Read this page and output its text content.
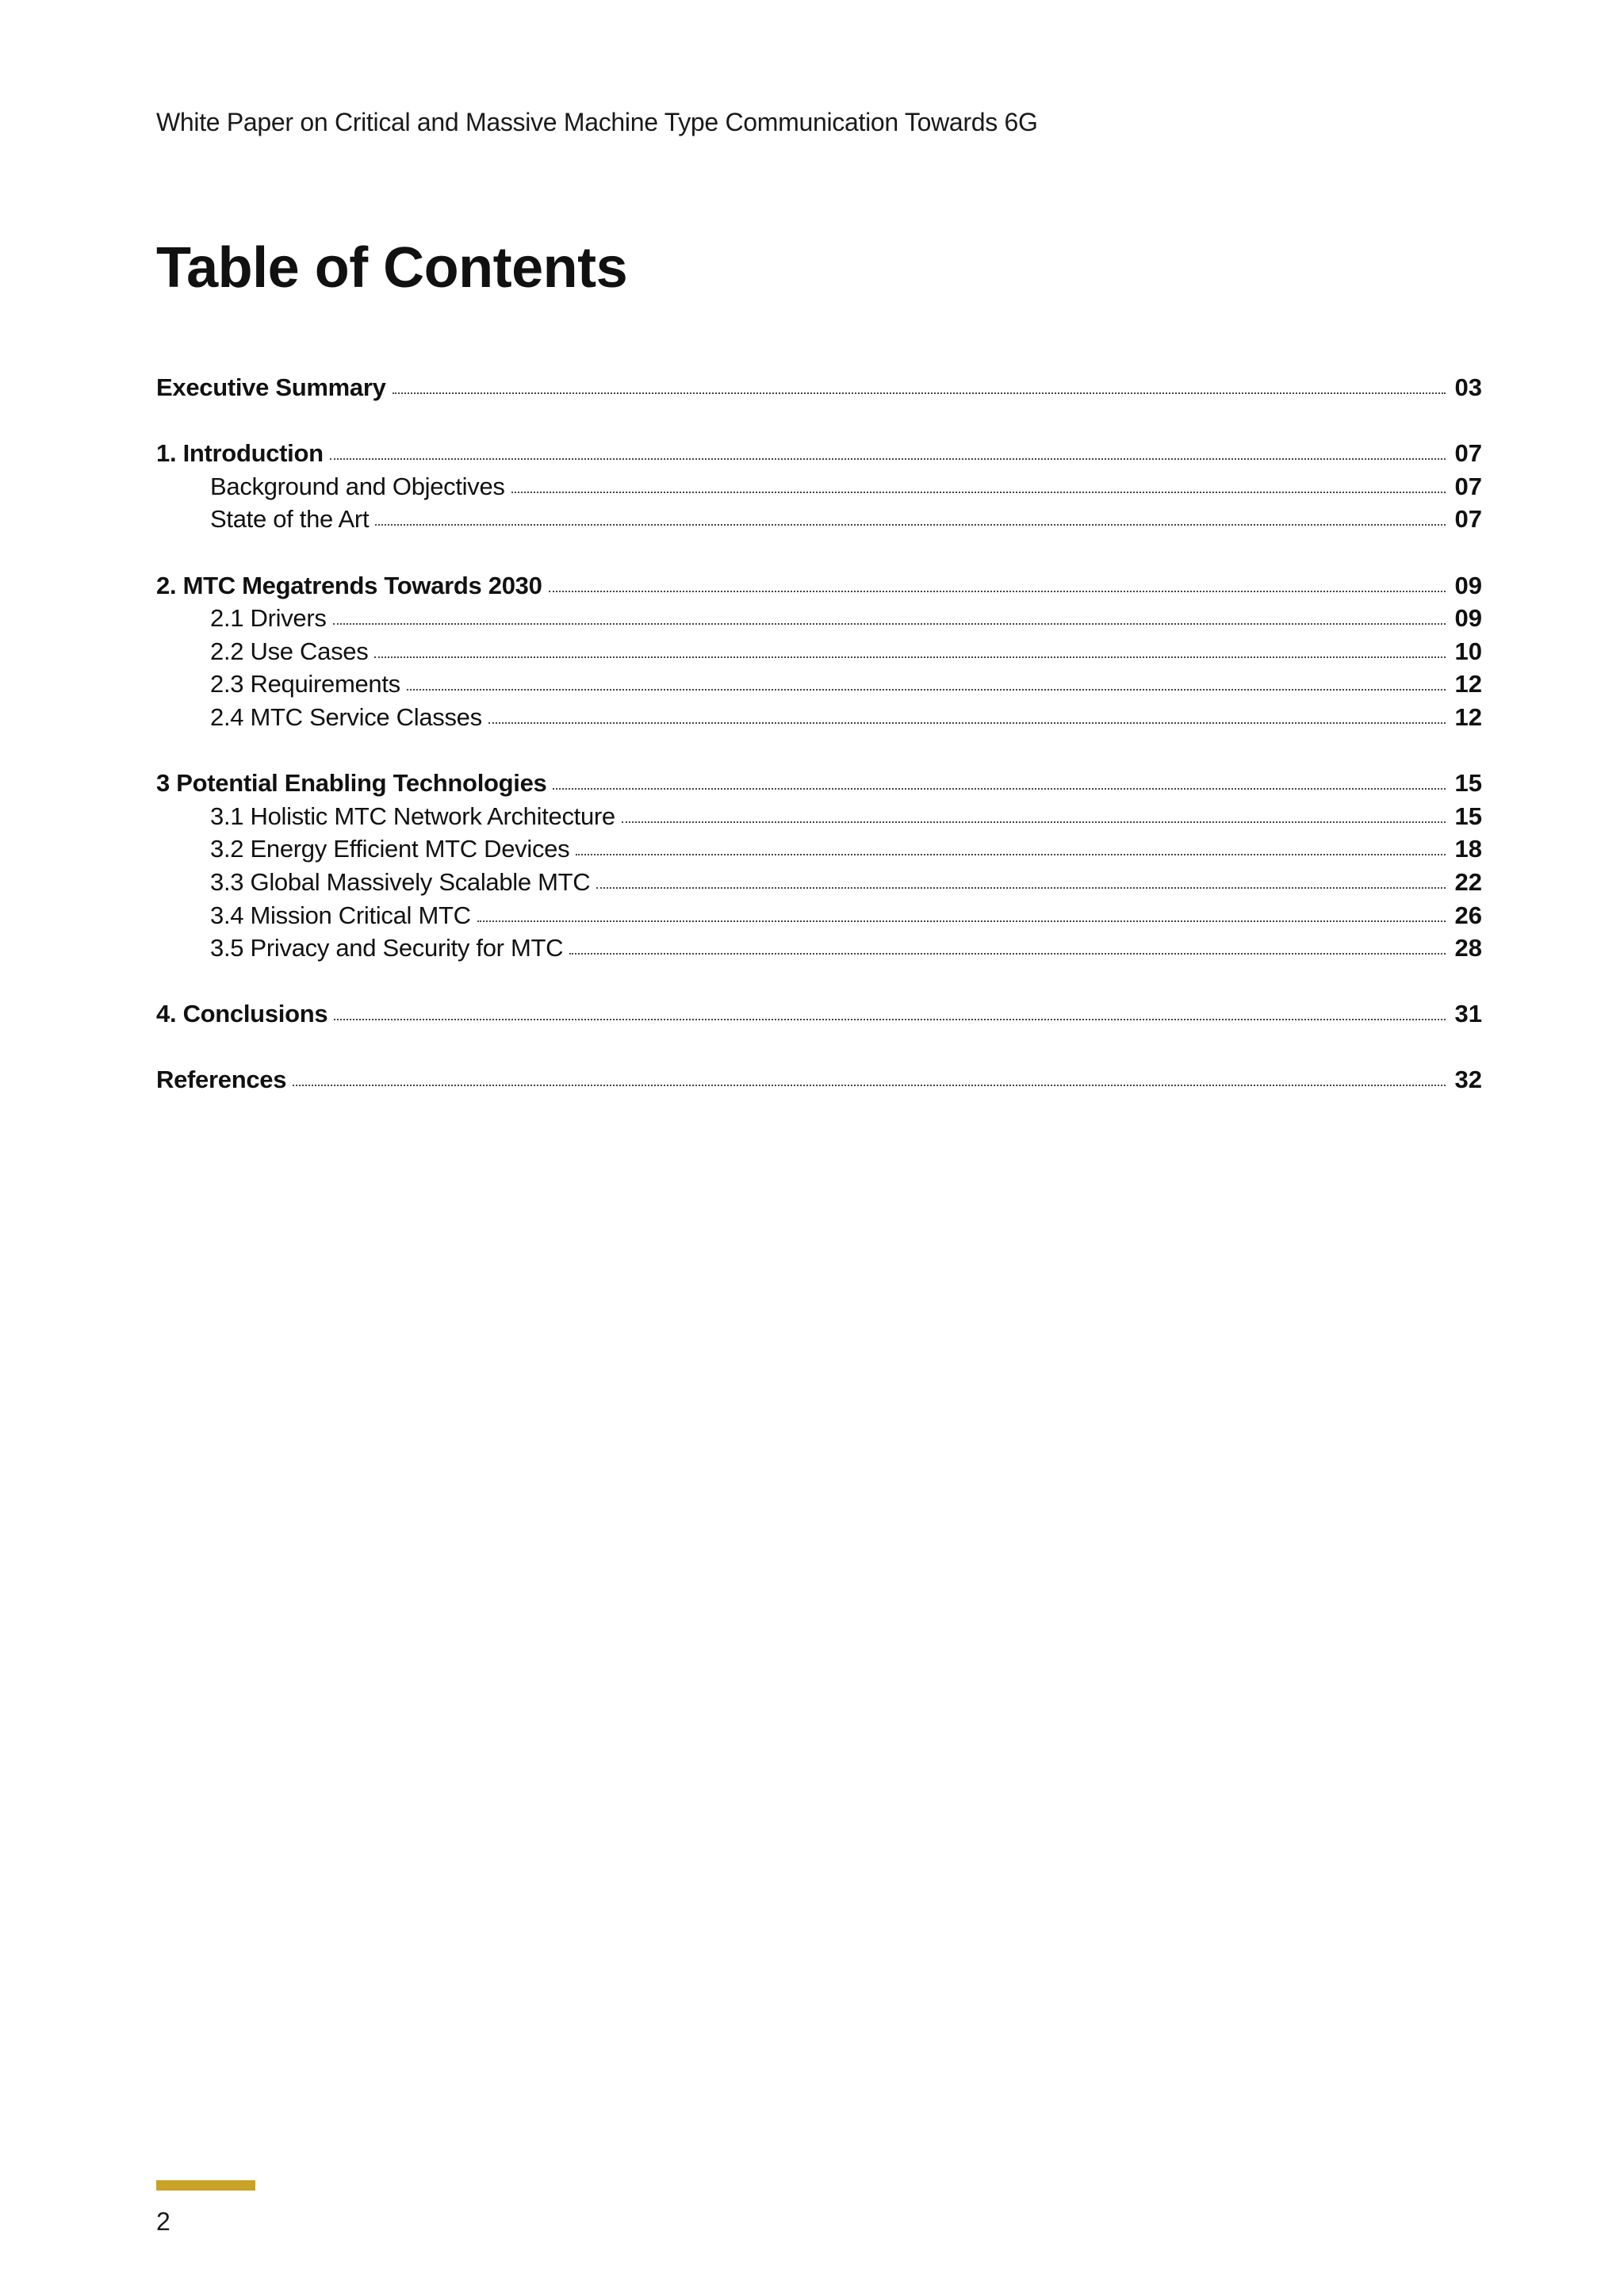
White Paper on Critical and Massive Machine Type Communication Towards 6G
Table of Contents
Executive Summary	03
1. Introduction	07
Background and Objectives	07
State of the Art	07
2. MTC Megatrends Towards 2030	09
2.1 Drivers	09
2.2 Use Cases	10
2.3 Requirements	12
2.4 MTC Service Classes	12
3 Potential Enabling Technologies	15
3.1 Holistic MTC Network Architecture	15
3.2 Energy Efficient MTC Devices	18
3.3 Global Massively Scalable MTC	22
3.4 Mission Critical MTC	26
3.5 Privacy and Security for MTC	28
4. Conclusions	31
References	32
2
